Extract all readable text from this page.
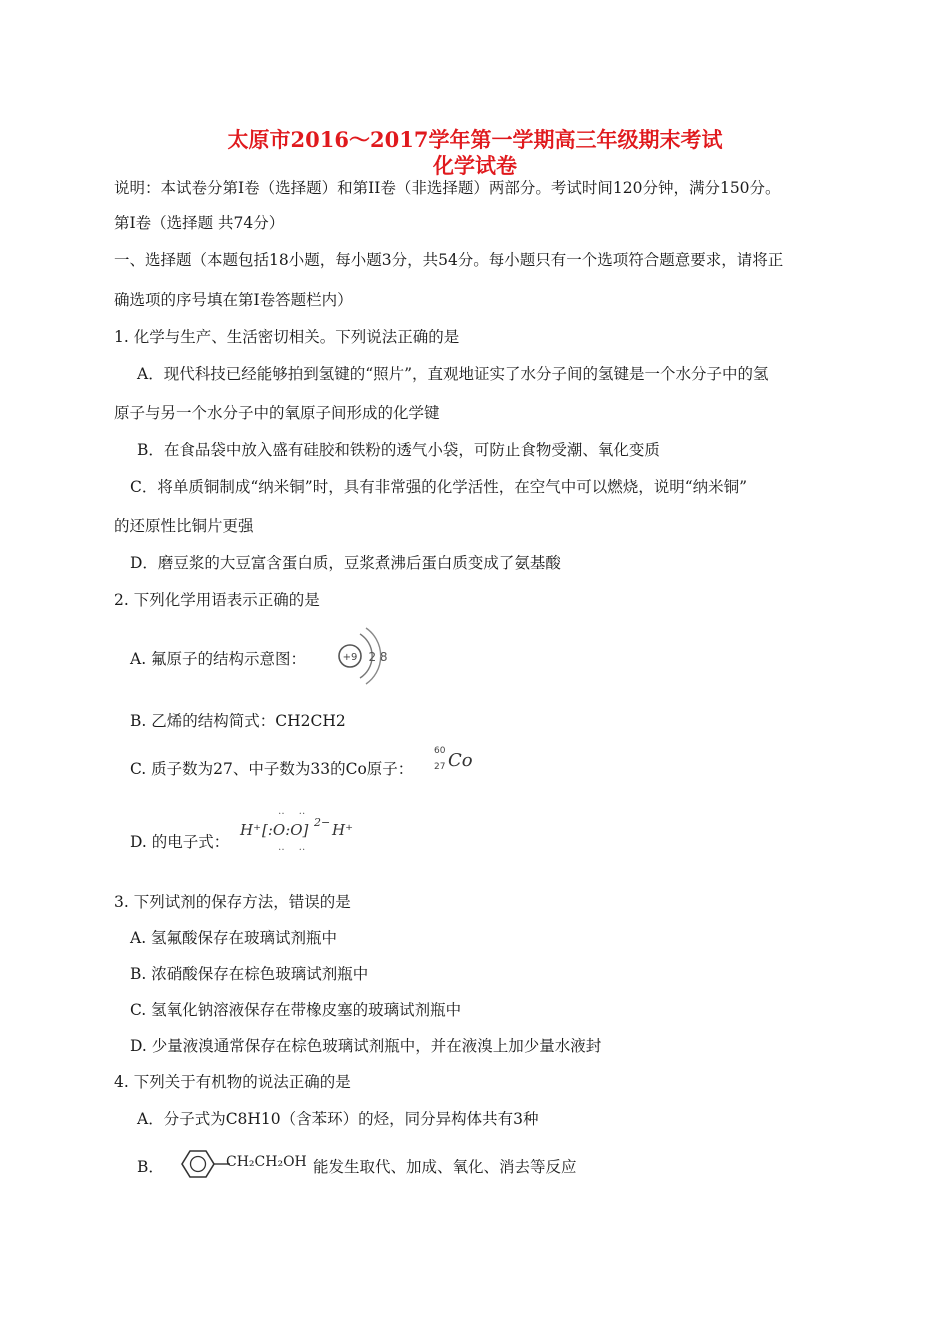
太原市2016～2017学年第一学期高三年级期末考试
化学试卷
说明：本试卷分第I卷（选择题）和第II卷（非选择题）两部分。考试时间120分钟，满分150分。
第I卷（选择题 共74分）
一、选择题（本题包括18小题，每小题3分，共54分。每小题只有一个选项符合题意要求，请将正
确选项的序号填在第I卷答题栏内）
1. 化学与生产、生活密切相关。下列说法正确的是
A．现代科技已经能够拍到氢键的“照片”，直观地证实了水分子间的氢键是一个水分子中的氢
原子与另一个水分子中的氧原子间形成的化学键
B．在食品袋中放入盛有硅胶和铁粉的透气小袋，可防止食物受潮、氧化变质
C．将单质铜制成“纳米铜”时，具有非常强的化学活性，在空气中可以燃烧，说明“纳米铜”
的还原性比铜片更强
D．磨豆浆的大豆富含蛋白质，豆浆煮沸后蛋白质变成了氨基酸
2. 下列化学用语表示正确的是
A. 氟原子的结构示意图：	+9 2 8
B. 乙烯的结构简式：CH2CH2
C. 质子数为27、中子数为33的Co原子：
60
27 Co
D. 的电子式：
‥‥
H⁺ [:O:O] 2− H⁺
‥‥
3. 下列试剂的保存方法，错误的是
A. 氢氟酸保存在玻璃试剂瓶中
B. 浓硝酸保存在棕色玻璃试剂瓶中
C. 氢氧化钠溶液保存在带橡皮塞的玻璃试剂瓶中
D. 少量液溴通常保存在棕色玻璃试剂瓶中，并在液溴上加少量水液封
4. 下列关于有机物的说法正确的是
A．分子式为C8H10（含苯环）的烃，同分异构体共有3种
B．	CH₂CH₂OH 能发生取代、加成、氧化、消去等反应
